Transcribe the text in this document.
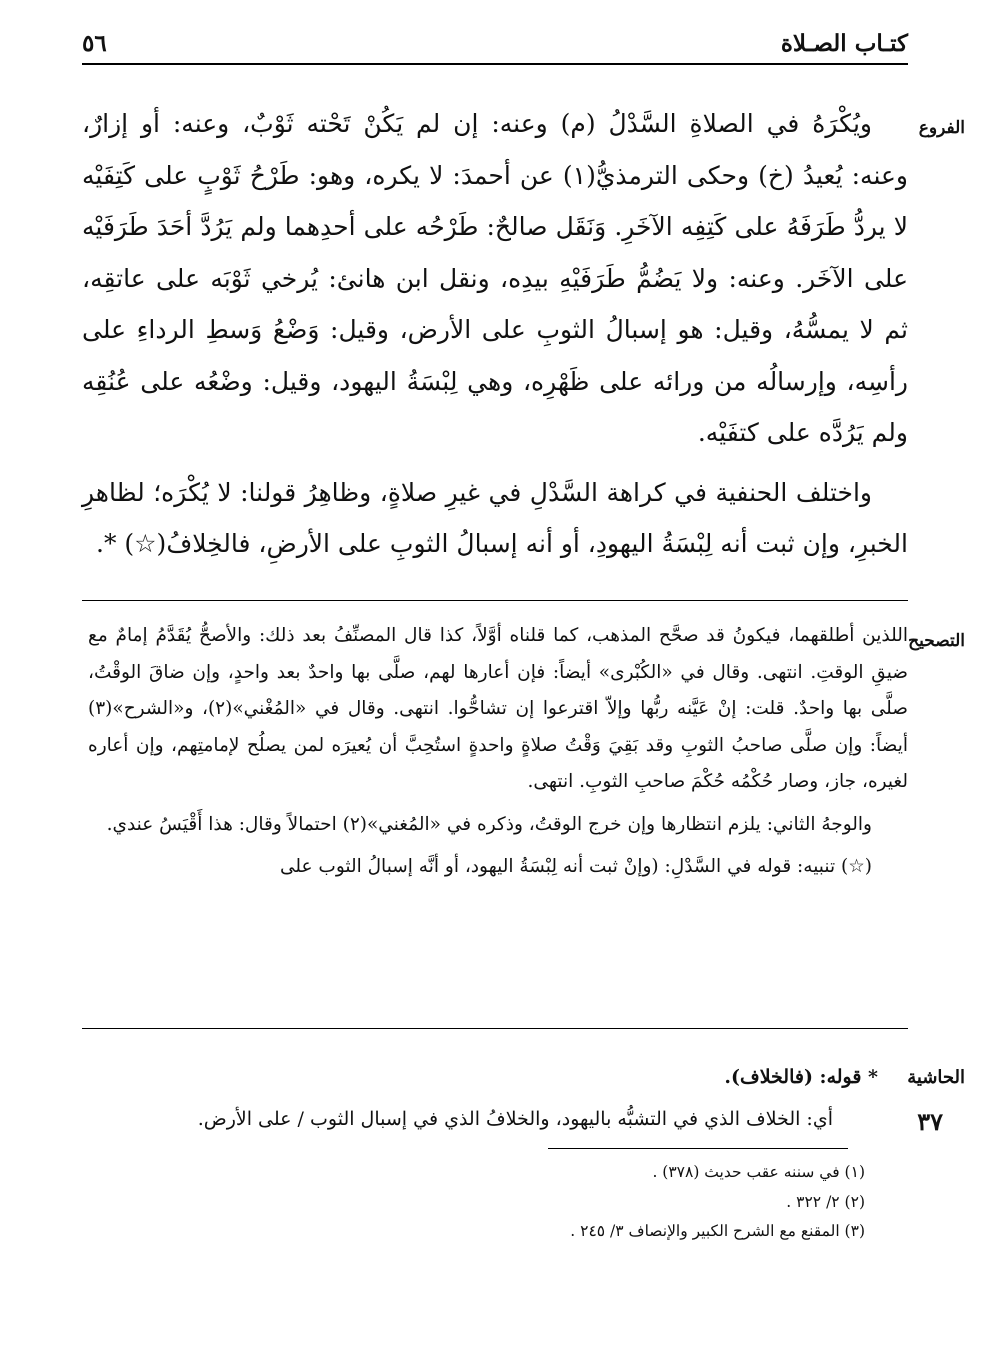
كتـاب الصـلاة
٥٦
الفروع

ويُكْرَهُ في الصلاةِ السَّدْلُ (م) وعنه: إن لم يَكُنْ تَحْته ثَوْبٌ، وعنه: أو إزارٌ، وعنه: يُعيدُ (خ) وحكى الترمذيُّ(١) عن أحمدَ: لا يكره، وهو: طَرْحُ ثَوْبٍ على كَتِفَيْه لا يردُّ طَرَفَهُ على كَتِفِه الآخَرِ. وَنَقَل صالحٌ: طَرْحُه على أحدِهما ولم يَرُدَّ أحَدَ طَرَفَيْه على الآخَر. وعنه: ولا يَضُمُّ طَرَفَيْهِ بيدِه، ونقل ابن هانئ: يُرخي ثَوْبَه على عاتقِه، ثم لا يمسُّهُ، وقيل: هو إسبالُ الثوبِ على الأرض، وقيل: وَضْعُ وَسطِ الرداءِ على رأسِه، وإرسالُه من ورائه على ظَهْرِه، وهي لِبْسَةُ اليهود، وقيل: وضْعُه على عُنُقِه ولم يَرُدَّه على كتفَيْه.

واختلف الحنفية في كراهة السَّدْلِ في غيرِ صلاةٍ، وظاهِرُ قولنا: لا يُكْرَه؛ لظاهرِ الخبرِ، وإن ثبت أنه لِبْسَةُ اليهودِ، أو أنه إسبالُ الثوبِ على الأرضِ، فالخِلافُ(☆) *.

التصحيح

اللذين أطلقهما، فيكونُ قد صحَّح المذهب، كما قلناه أوَّلاً، كذا قال المصنِّفُ بعد ذلك: والأصحُّ يُقَدَّمُ إمامٌ مع ضيقِ الوقتِ. انتهى. وقال في «الكُبْرى» أيضاً: فإن أعارها لهم، صلَّى بها واحدٌ بعد واحدٍ، وإن ضاقَ الوقْتُ، صلَّى بها واحدٌ. قلت: إنْ عَيَّنه ربُّها وإلاّ اقترعوا إن تشاحُّوا. انتهى. وقال في «المُغْني»(٢)، و«الشرح»(٣) أيضاً: وإن صلَّى صاحبُ الثوبِ وقد بَقِيَ وَقْتُ صلاةٍ واحدةٍ استُحِبَّ أن يُعيرَه لمن يصلُح لإمامتِهم، وإن أعاره لغيره، جاز، وصار حُكْمُه حُكْمَ صاحبِ الثوبِ. انتهى.

والوجهُ الثاني: يلزم انتظارها وإن خرج الوقتُ، وذكره في «المُغني»(٢) احتمالاً وقال: هذا أَقْيَسُ عندي.

(☆) تنبيه: قوله في السَّدْلِ: (وإنْ ثبت أنه لِبْسَةُ اليهود، أو أنَّه إسبالُ الثوب على

الحاشية
* قوله: (فالخلاف).
٣٧
أي: الخلاف الذي في التشبُّه باليهود، والخلافُ الذي في إسبال الثوب / على الأرض.
(١) في سننه عقب حديث (٣٧٨) .
(٢) ٢/ ٣٢٢ .
(٣) المقنع مع الشرح الكبير والإنصاف ٣/ ٢٤٥ .
